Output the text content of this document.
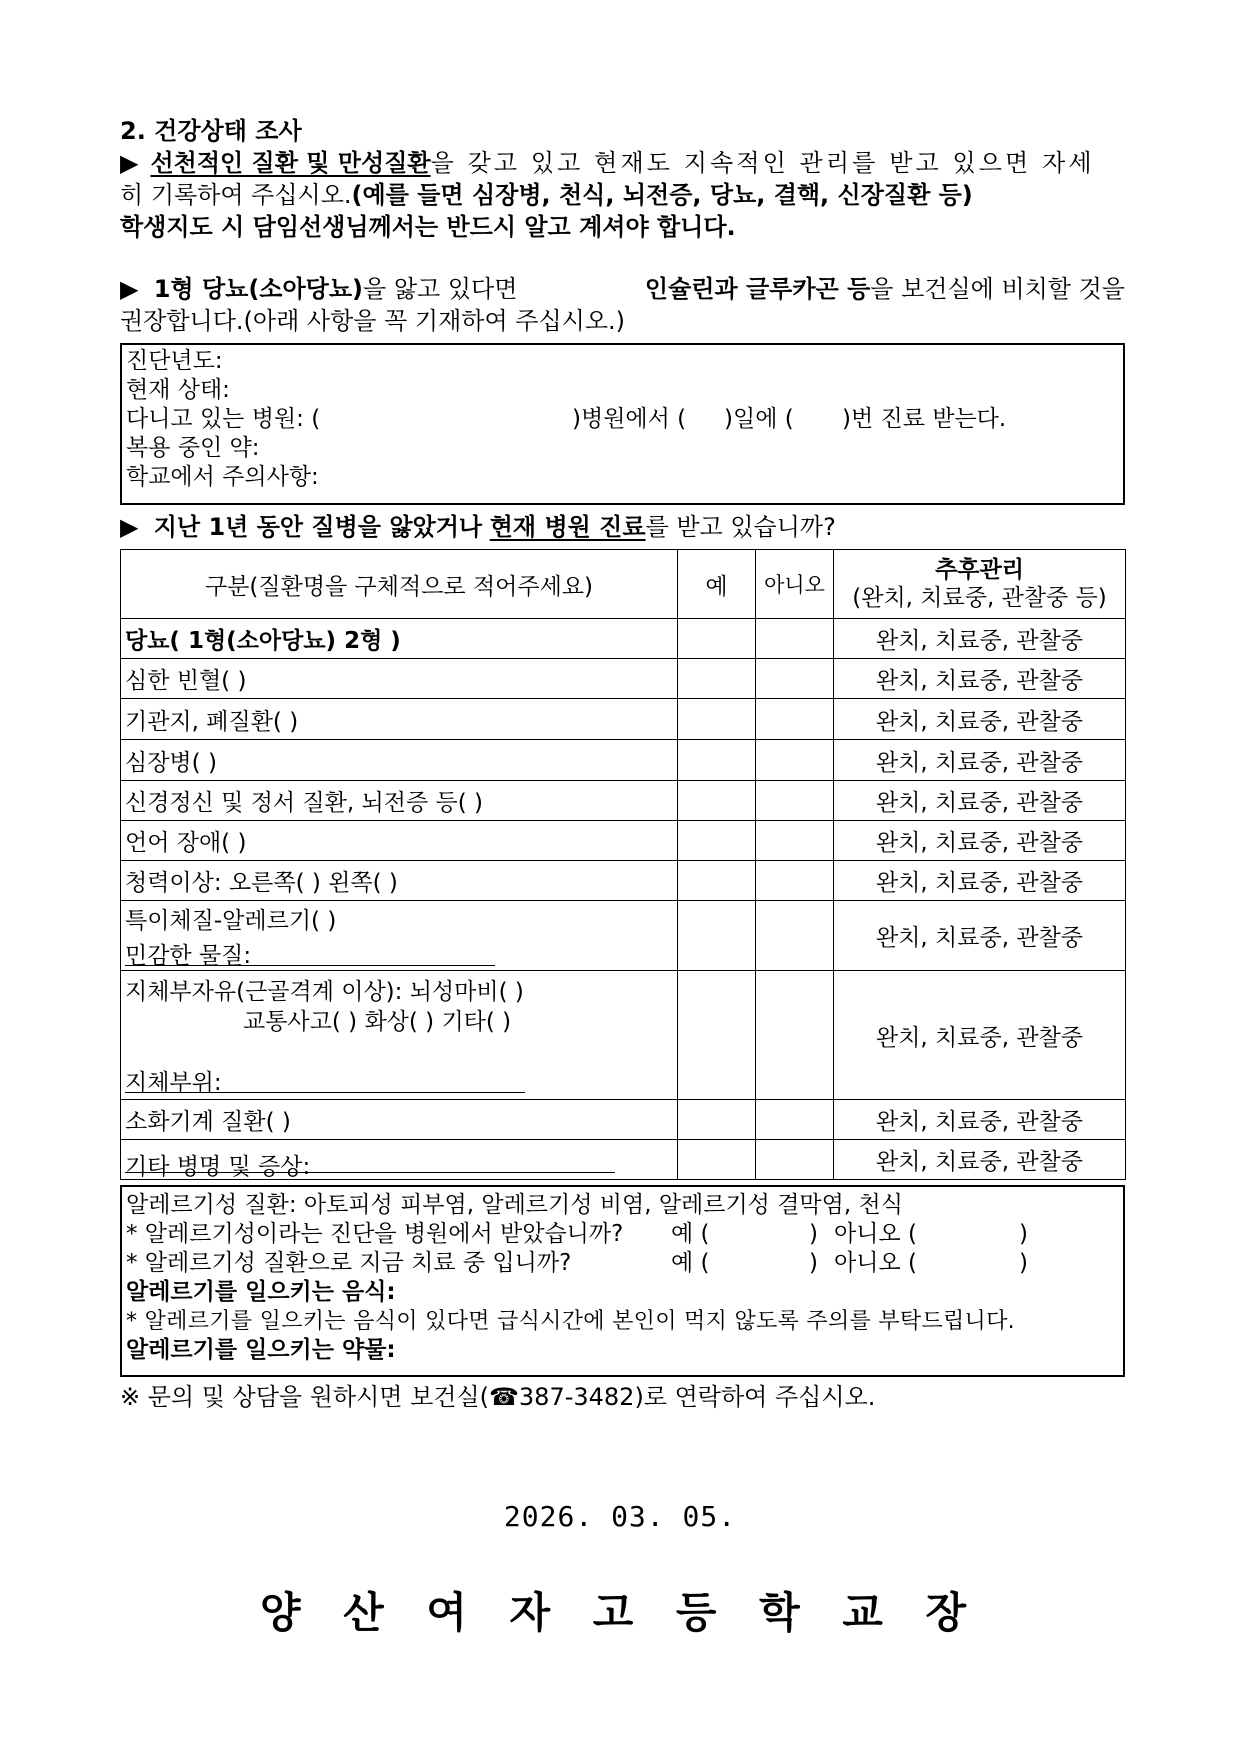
2. 건강상태 조사
▶ 선천적인 질환 및 만성질환 을 갖고 있고 현재도 지속적인 관리를 받고 있으면 자세
히 기록하여 주십시오.(예를 들면 심장병, 천식, 뇌전증, 당뇨, 결핵, 신장질환 등)
학생지도 시 담임선생님께서는 반드시 알고 계셔야 합니다.
▶ 1형 당뇨(소아당뇨)을 앓고 있다면	인슐린과 글루카곤 등을 보건실에 비치할 것을
권장합니다.(아래 사항을 꼭 기재하여 주십시오.)
진단년도:
현재 상태:
다니고 있는 병원: (	)병원에서 ( )일에 ( )번 진료 받는다.
복용 중인 약:
학교에서 주의사항:
▶ 지난 1년 동안 질병을 앓았거나 현재 병원 진료를 받고 있습니까?
구분(질환명을 구체적으로 적어주세요)	예	아니오	추후관리
(완치, 치료중, 관찰중 등)

당뇨( 1형(소아당뇨) 2형 )			완치, 치료중, 관찰중
심한 빈혈( )			완치, 치료중, 관찰중
기관지, 폐질환( )			완치, 치료중, 관찰중
심장병( )			완치, 치료중, 관찰중
신경정신 및 정서 질환, 뇌전증 등( )			완치, 치료중, 관찰중
언어 장애( )			완치, 치료중, 관찰중
청력이상: 오른쪽( ) 왼쪽( )			완치, 치료중, 관찰중

특이체질-알레르기( )
민감한 물질:			완치, 치료중, 관찰중

지체부자유(근골격계 이상): 뇌성마비( )
교통사고( ) 화상( ) 기타( )
지체부위:			완치, 치료중, 관찰중
소화기계 질환( )			완치, 치료중, 관찰중
기타 병명 및 증상:			완치, 치료중, 관찰중
알레르기성 질환: 아토피성 피부염, 알레르기성 비염, 알레르기성 결막염, 천식
* 알레르기성이라는 진단을 병원에서 받았습니까? 예 (	) 아니오 (	)
* 알레르기성 질환으로 지금 치료 중 입니까?	예 (	) 아니오 (	)
알레르기를 일으키는 음식:
* 알레르기를 일으키는 음식이 있다면 급식시간에 본인이 먹지 않도록 주의를 부탁드립니다.
알레르기를 일으키는 약물:
※ 문의 및 상담을 원하시면 보건실(☎387-3482)로 연락하여 주십시오.
2026. 03. 05.
양 산 여 자 고 등 학 교 장
